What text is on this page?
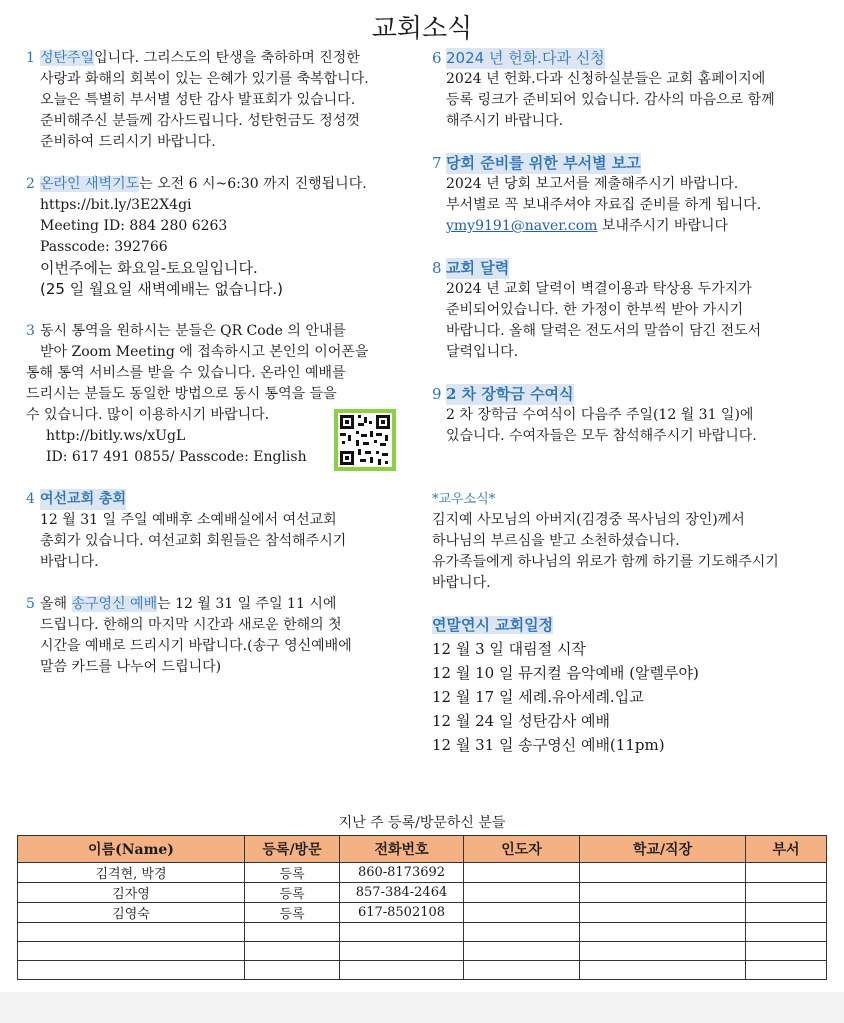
교회소식
1 성탄주일입니다. 그리스도의 탄생을 축하하며 진정한
사랑과 화해의 회복이 있는 은혜가 있기를 축복합니다.
오늘은 특별히 부서별 성탄 감사 발표회가 있습니다.
준비해주신 분들께 감사드립니다. 성탄헌금도 정성껏
준비하여 드리시기 바랍니다.
2 온라인 새벽기도는 오전 6 시~6:30 까지 진행됩니다.
https://bit.ly/3E2X4gi
Meeting ID: 884 280 6263
Passcode: 392766
이번주에는 화요일-토요일입니다.
(25 일 월요일 새벽예배는 없습니다.)
3 동시 통역을 원하시는 분들은 QR Code 의 안내를
받아 Zoom Meeting 에 접속하시고 본인의 이어폰을
통해 통역 서비스를 받을 수 있습니다. 온라인 예배를
드리시는 분들도 동일한 방법으로 동시 통역을 들을
수 있습니다. 많이 이용하시기 바랍니다.
http://bitly.ws/xUgL
ID: 617 491 0855/ Passcode: English
4 여선교회 총회
12 월 31 일 주일 예배후 소예배실에서 여선교회
총회가 있습니다. 여선교회 회원들은 참석해주시기
바랍니다.
5 올해 송구영신 예배는 12 월 31 일 주일 11 시에
드립니다. 한해의 마지막 시간과 새로운 한해의 첫
시간을 예배로 드리시기 바랍니다.(송구 영신예배에
말씀 카드를 나누어 드립니다)
6 2024 년 헌화.다과 신청
2024 년 헌화.다과 신청하실분들은 교회 홈페이지에
등록 링크가 준비되어 있습니다. 감사의 마음으로 함께
해주시기 바랍니다.
7 당회 준비를 위한 부서별 보고
2024 년 당회 보고서를 제출해주시기 바랍니다.
부서별로 꼭 보내주셔야 자료집 준비를 하게 됩니다.
ymy9191@naver.com 보내주시기 바랍니다
8 교회 달력
2024 년 교회 달력이 벽결이용과 탁상용 두가지가
준비되어있습니다. 한 가정이 한부씩 받아 가시기
바랍니다. 올해 달력은 전도서의 말씀이 담긴 전도서
달력입니다.
9 2 차 장학금 수여식
2 차 장학금 수여식이 다음주 주일(12 월 31 일)에
있습니다. 수여자들은 모두 참석해주시기 바랍니다.
*교우소식*
김지예 사모님의 아버지(김경중 목사님의 장인)께서
하나님의 부르심을 받고 소천하셨습니다.
유가족들에게 하나님의 위로가 함께 하기를 기도해주시기
바랍니다.
연말연시 교회일정
12 월 3 일 대림절 시작
12 월 10 일 뮤지컬 음악예배 (알렐루야)
12 월 17 일 세례.유아세례.입교
12 월 24 일 성탄감사 예배
12 월 31 일 송구영신 예배(11pm)
지난 주 등록/방문하신 분들
이름(Name)	등록/방문	전화번호	인도자	학교/직장	부서
김격현, 박경	등록	860-8173692			
김자영	등록	857-384-2464			
김영숙	등록	617-8502108			
